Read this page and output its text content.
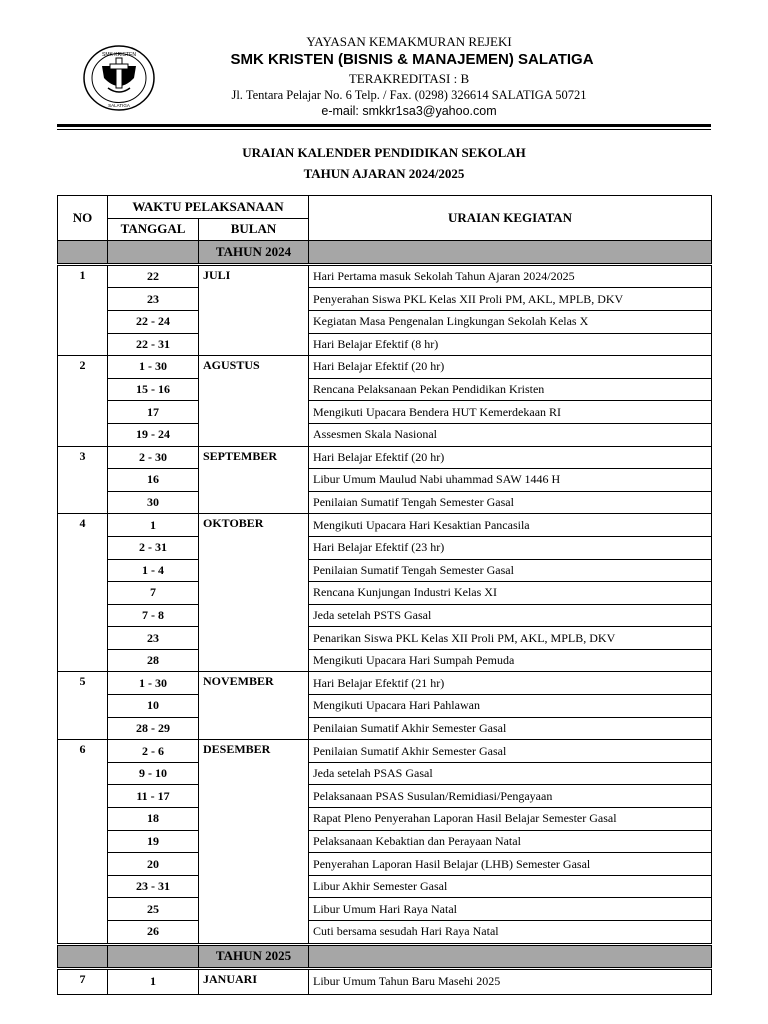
SMK KRISTEN
SALATIGA
YAYASAN KEMAKMURAN REJEKI
SMK KRISTEN (BISNIS & MANAJEMEN) SALATIGA
TERAKREDITASI : B
Jl. Tentara Pelajar No. 6 Telp. / Fax. (0298) 326614 SALATIGA 50721
e-mail: smkkr1sa3@yahoo.com
URAIAN KALENDER PENDIDIKAN SEKOLAH
TAHUN AJARAN 2024/2025
NO	WAKTU PELAKSANAAN		URAIAN KEGIATAN
	TANGGAL	BULAN	
		TAHUN 2024	

1	22	JULI	Hari Pertama masuk Sekolah Tahun Ajaran 2024/2025
	23		Penyerahan Siswa PKL Kelas XII Proli PM, AKL, MPLB, DKV
	22 - 24		Kegiatan Masa Pengenalan Lingkungan Sekolah Kelas X
	22 - 31		Hari Belajar Efektif (8 hr)
2	1 - 30	AGUSTUS	Hari Belajar Efektif (20 hr)
	15 - 16		Rencana Pelaksanaan Pekan Pendidikan Kristen
	17		Mengikuti Upacara Bendera HUT Kemerdekaan RI
	19 - 24		Assesmen Skala Nasional
3	2 - 30	SEPTEMBER	Hari Belajar Efektif (20 hr)
	16		Libur Umum Maulud Nabi uhammad SAW 1446 H
	30		Penilaian Sumatif Tengah Semester Gasal
4	1	OKTOBER	Mengikuti Upacara Hari Kesaktian Pancasila
	2 - 31		Hari Belajar Efektif (23 hr)
	1 - 4		Penilaian Sumatif Tengah Semester Gasal
	7		Rencana Kunjungan Industri Kelas XI
	7 - 8		Jeda setelah PSTS Gasal
	23		Penarikan Siswa PKL Kelas XII Proli PM, AKL, MPLB, DKV
	28		Mengikuti Upacara Hari Sumpah Pemuda
5	1 - 30	NOVEMBER	Hari Belajar Efektif (21 hr)
	10		Mengikuti Upacara Hari Pahlawan
	28 - 29		Penilaian Sumatif Akhir Semester Gasal
6	2 - 6	DESEMBER	Penilaian Sumatif Akhir Semester Gasal
	9 - 10		Jeda setelah PSAS Gasal
	11 - 17		Pelaksanaan PSAS Susulan/Remidiasi/Pengayaan
	18		Rapat Pleno Penyerahan Laporan Hasil Belajar Semester Gasal
	19		Pelaksanaan Kebaktian dan Perayaan Natal
	20		Penyerahan Laporan Hasil Belajar (LHB) Semester Gasal
	23 - 31		Libur Akhir Semester Gasal
	25		Libur Umum Hari Raya Natal
	26		Cuti bersama sesudah Hari Raya Natal

		TAHUN 2025	

7	1	JANUARI	Libur Umum Tahun Baru Masehi 2025
